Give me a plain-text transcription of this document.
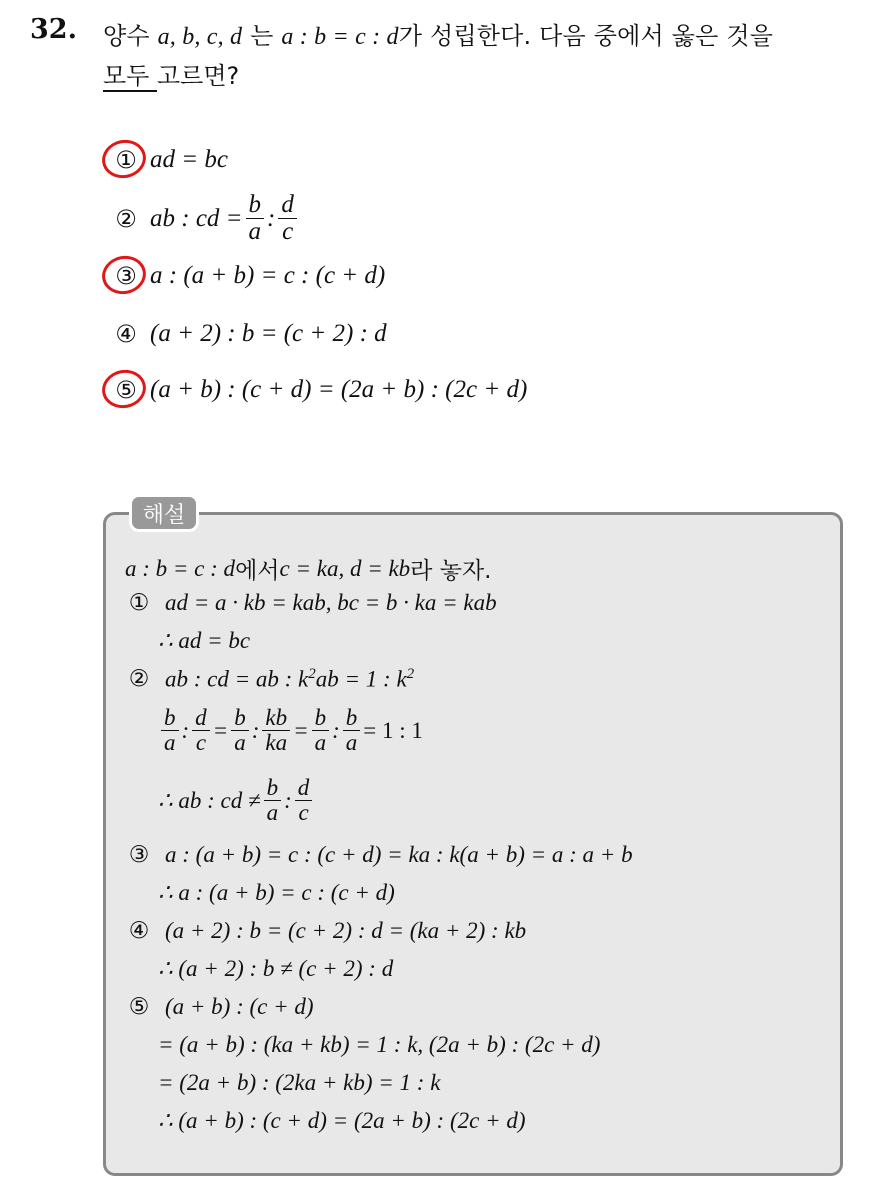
32. 양수 a, b, c, d 는 a : b = c : d가 성립한다. 다음 중에서 옳은 것을
모두 고르면?
① ad = bc
② ab : cd = $\frac{b}{a}$ : $\frac{d}{c}$
③ a : (a + b) = c : (c + d)
④ (a + 2) : b = (c + 2) : d
⑤ (a + b) : (c + d) = (2a + b) : (2c + d)
해설
a : b = c : d 에서 c = ka, d = kb 라 놓자.
① ad = a · kb = kab, bc = b · ka = kab
∴ ad = bc
② ab : cd = ab : $k^2ab = 1$ : $k^2$
$\frac{b}{a}$ : $\frac{d}{c} = \frac{b}{a}$ : $\frac{kb}{ka} = \frac{b}{a}$ : $\frac{b}{a} = 1$ : 1
∴ ab : cd ≠ $\frac{b}{a}$ : $\frac{d}{c}$
③ a : (a + b) = c : (c + d) = ka : k(a + b) = a : a + b
∴ a : (a + b) = c : (c + d)
④ (a + 2) : b = (c + 2) : d = (ka + 2) : kb
∴ (a + 2) : b ≠ (c + 2) : d
⑤ (a + b) : (c + d)
= (a + b) : (ka + kb) = 1 : k, (2a + b) : (2c + d)
= (2a + b) : (2ka + kb) = 1 : k
∴ (a + b) : (c + d) = (2a + b) : (2c + d)
